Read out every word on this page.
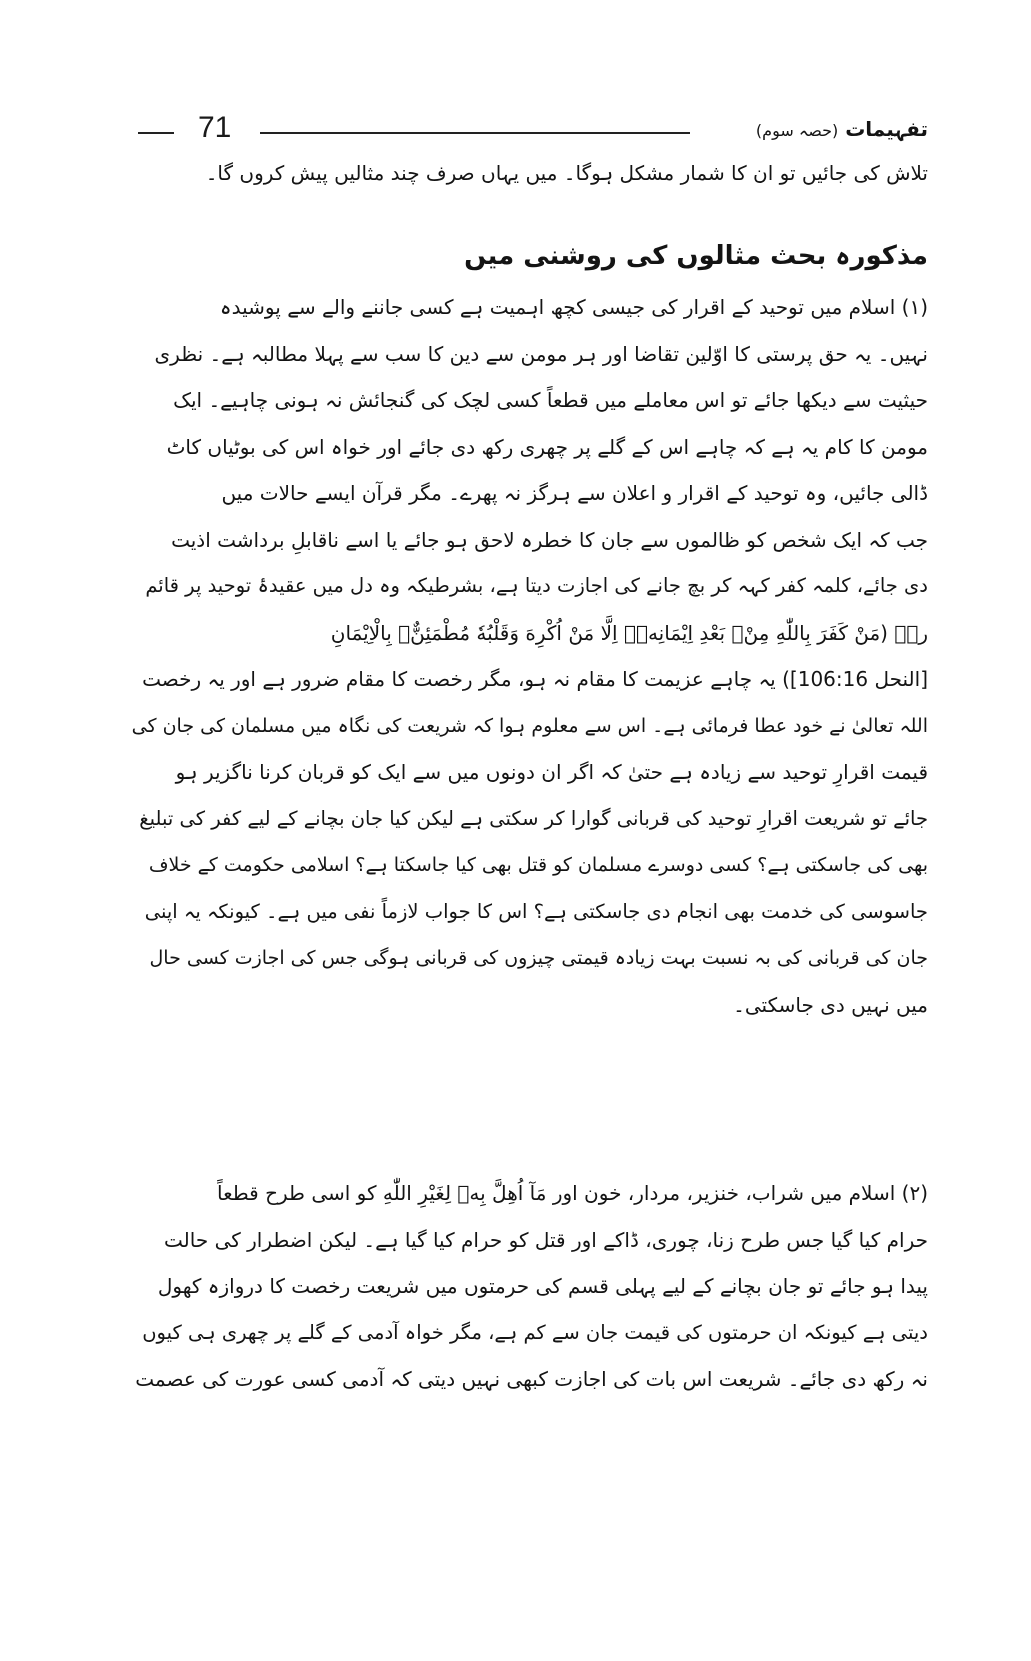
71	تفہیمات (حصہ سوم)
تلاش کی جائیں تو ان کا شمار مشکل ہوگا۔ میں یہاں صرف چند مثالیں پیش کروں گا۔
مذکورہ بحث مثالوں کی روشنی میں
(۱) اسلام میں توحید کے اقرار کی جیسی کچھ اہمیت ہے کسی جاننے والے سے پوشیدہ
نہیں۔ یہ حق پرستی کا اوّلین تقاضا اور ہر مومن سے دین کا سب سے پہلا مطالبہ ہے۔ نظری
حیثیت سے دیکھا جائے تو اس معاملے میں قطعاً کسی لچک کی گنجائش نہ ہونی چاہیے۔ ایک
مومن کا کام یہ ہے کہ چاہے اس کے گلے پر چھری رکھ دی جائے اور خواہ اس کی بوٹیاں کاٹ
ڈالی جائیں، وہ توحید کے اقرار و اعلان سے ہرگز نہ پھرے۔ مگر قرآن ایسے حالات میں
جب کہ ایک شخص کو ظالموں سے جان کا خطرہ لاحق ہو جائے یا اسے ناقابلِ برداشت اذیت
دی جائے، کلمہ کفر کہہ کر بچ جانے کی اجازت دیتا ہے، بشرطیکہ وہ دل میں عقیدۂ توحید پر قائم
رہے (مَنْ كَفَرَ بِاللّٰهِ مِنْۢ بَعْدِ اِيْمَانِهٖۤ اِلَّا مَنْ اُكْرِهَ وَقَلْبُهٗ مُطْمَئِنٌّۢ بِالْاِيْمَانِ
[النحل 106:16]) یہ چاہے عزیمت کا مقام نہ ہو، مگر رخصت کا مقام ضرور ہے اور یہ رخصت
اللہ تعالیٰ نے خود عطا فرمائی ہے۔ اس سے معلوم ہوا کہ شریعت کی نگاہ میں مسلمان کی جان کی
قیمت اقرارِ توحید سے زیادہ ہے حتیٰ کہ اگر ان دونوں میں سے ایک کو قربان کرنا ناگزیر ہو
جائے تو شریعت اقرارِ توحید کی قربانی گوارا کر سکتی ہے لیکن کیا جان بچانے کے لیے کفر کی تبلیغ
بھی کی جاسکتی ہے؟ کسی دوسرے مسلمان کو قتل بھی کیا جاسکتا ہے؟ اسلامی حکومت کے خلاف
جاسوسی کی خدمت بھی انجام دی جاسکتی ہے؟ اس کا جواب لازماً نفی میں ہے۔ کیونکہ یہ اپنی
جان کی قربانی کی بہ نسبت بہت زیادہ قیمتی چیزوں کی قربانی ہوگی جس کی اجازت کسی حال
میں نہیں دی جاسکتی۔
(۲) اسلام میں شراب، خنزیر، مردار، خون اور مَآ اُهِلَّ بِهٖ لِغَيْرِ اللّٰهِ کو اسی طرح قطعاً
حرام کیا گیا جس طرح زنا، چوری، ڈاکے اور قتل کو حرام کیا گیا ہے۔ لیکن اضطرار کی حالت
پیدا ہو جائے تو جان بچانے کے لیے پہلی قسم کی حرمتوں میں شریعت رخصت کا دروازہ کھول
دیتی ہے کیونکہ ان حرمتوں کی قیمت جان سے کم ہے، مگر خواہ آدمی کے گلے پر چھری ہی کیوں
نہ رکھ دی جائے۔ شریعت اس بات کی اجازت کبھی نہیں دیتی کہ آدمی کسی عورت کی عصمت
